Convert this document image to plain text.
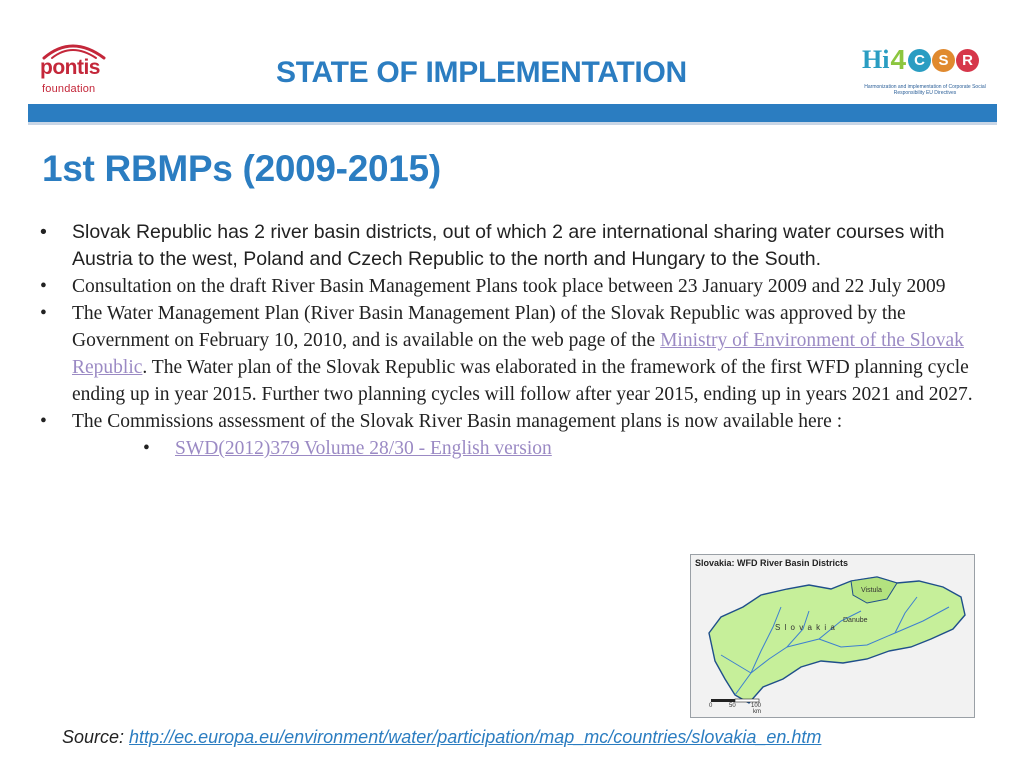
pontis
foundation	STATE OF IMPLEMENTATION	Hi 4 C S R
Harmonization and implementation of Corporate Social Responsibility EU Directives
1st RBMPs (2009-2015)
• Slovak Republic has 2 river basin districts, out of which 2 are international sharing water courses with Austria to the west, Poland and Czech Republic to the north and Hungary to the South.
• Consultation on the draft River Basin Management Plans took place between 23 January 2009 and 22 July 2009
• The Water Management Plan (River Basin Management Plan) of the Slovak Republic was approved by the Government on February 10, 2010, and is available on the web page of the Ministry of Environment of the Slovak Republic. The Water plan of the Slovak Republic was elaborated in the framework of the first WFD planning cycle ending up in year 2015. Further two planning cycles will follow after year 2015, ending up in years 2021 and 2027.
• The Commissions assessment of the Slovak River Basin management plans is now available here :
• SWD(2012)379 Volume 28/30 - English version
Slovakia: WFD River Basin Districts
Vistula
Danube
S l o v a k i a
0	50	100
km
Source: http://ec.europa.eu/environment/water/participation/map_mc/countries/slovakia_en.htm
